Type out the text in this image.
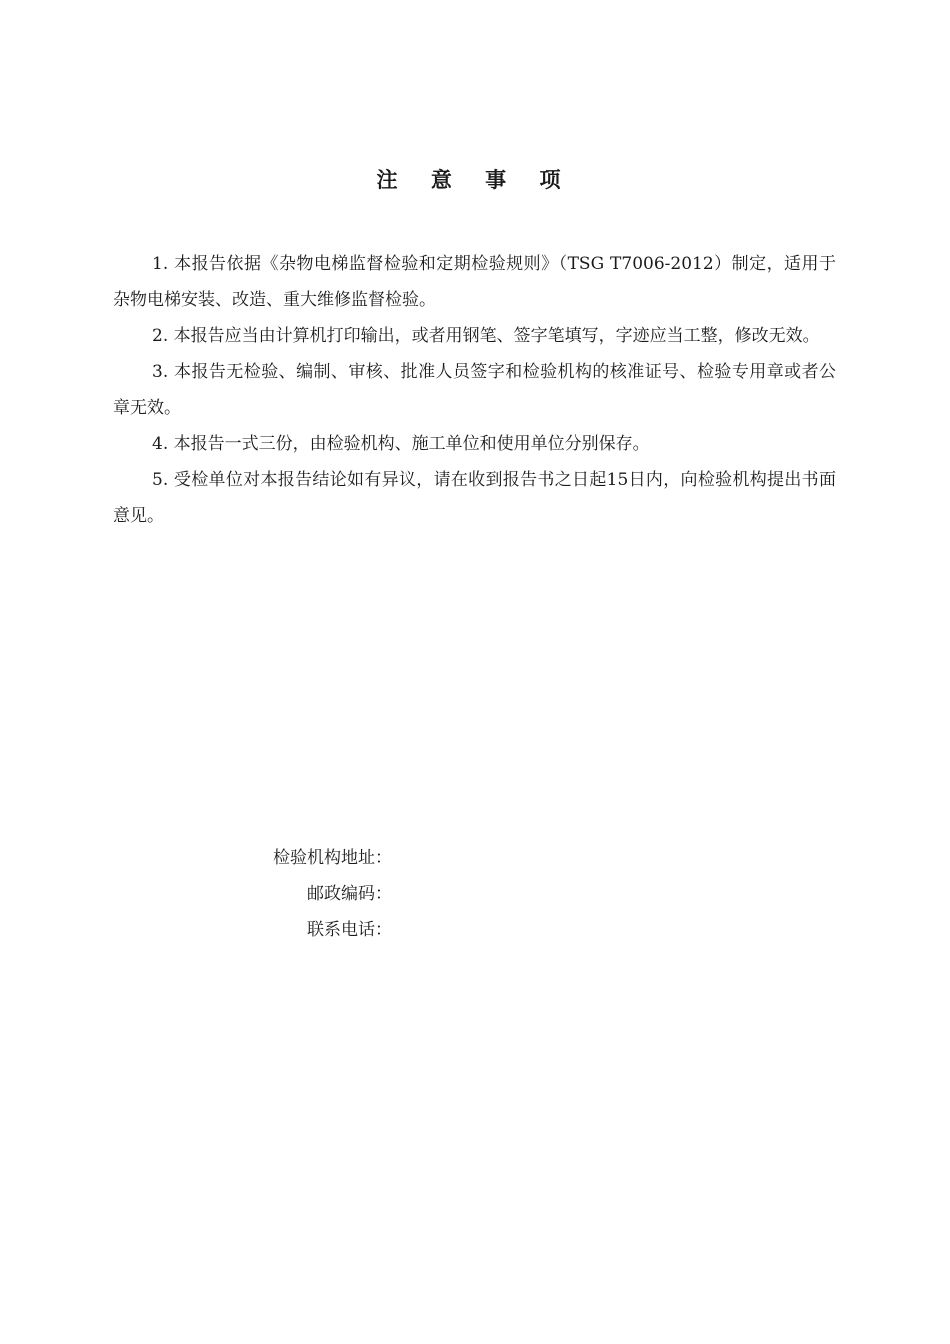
注 意 事 项
1. 本报告依据《杂物电梯监督检验和定期检验规则》（TSG T7006-2012）制定，适用于杂物电梯安装、改造、重大维修监督检验。
2. 本报告应当由计算机打印输出，或者用钢笔、签字笔填写，字迹应当工整，修改无效。
3. 本报告无检验、编制、审核、批准人员签字和检验机构的核准证号、检验专用章或者公章无效。
4. 本报告一式三份，由检验机构、施工单位和使用单位分别保存。
5. 受检单位对本报告结论如有异议，请在收到报告书之日起15日内，向检验机构提出书面意见。
检验机构地址：
邮政编码：
联系电话：
